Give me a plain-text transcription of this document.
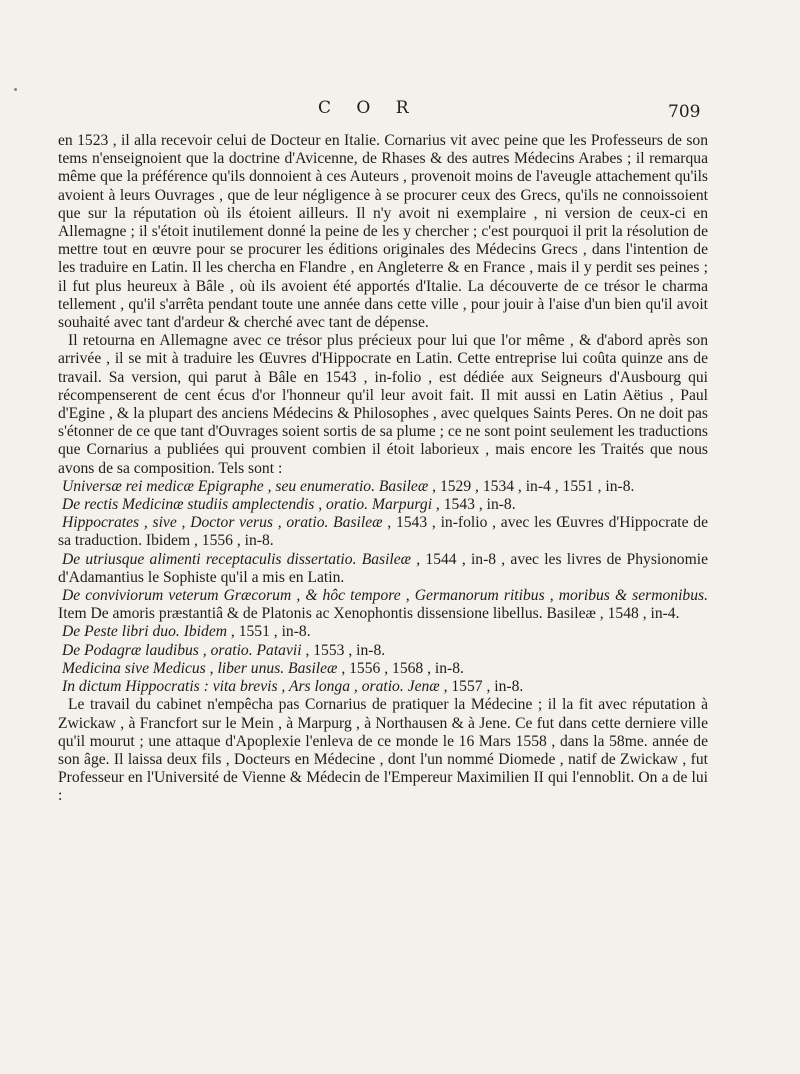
C O R	709

en 1523 , il alla recevoir celui de Docteur en Italie. Cornarius vit avec peine que les Professeurs de son tems n'enseignoient que la doctrine d'Avicenne, de Rhases & des autres Médecins Arabes ; il remarqua même que la préférence qu'ils donnoient à ces Auteurs , provenoit moins de l'aveugle attachement qu'ils avoient à leurs Ouvrages , que de leur négligence à se procurer ceux des Grecs, qu'ils ne connoissoient que sur la réputation où ils étoient ailleurs. Il n'y avoit ni exemplaire , ni version de ceux-ci en Allemagne ; il s'étoit inutilement donné la peine de les y chercher ; c'est pourquoi il prit la résolution de mettre tout en œuvre pour se procurer les éditions originales des Médecins Grecs , dans l'intention de les traduire en Latin. Il les chercha en Flandre , en Angleterre & en France , mais il y perdit ses peines ; il fut plus heureux à Bâle , où ils avoient été apportés d'Italie. La découverte de ce trésor le charma tellement , qu'il s'arrêta pendant toute une année dans cette ville , pour jouir à l'aise d'un bien qu'il avoit souhaité avec tant d'ardeur & cherché avec tant de dépense.

Il retourna en Allemagne avec ce trésor plus précieux pour lui que l'or même , & d'abord après son arrivée , il se mit à traduire les Œuvres d'Hippocrate en Latin. Cette entreprise lui coûta quinze ans de travail. Sa version, qui parut à Bâle en 1543 , in-folio , est dédiée aux Seigneurs d'Ausbourg qui récompenserent de cent écus d'or l'honneur qu'il leur avoit fait. Il mit aussi en Latin Aëtius , Paul d'Egine , & la plupart des anciens Médecins & Philosophes , avec quelques Saints Peres. On ne doit pas s'étonner de ce que tant d'Ouvrages soient sortis de sa plume ; ce ne sont point seulement les traductions que Cornarius a publiées qui prouvent combien il étoit laborieux , mais encore les Traités que nous avons de sa composition. Tels sont :

Universæ rei medicæ Epigraphe , seu enumeratio. Basileæ , 1529 , 1534 , in-4 , 1551 , in-8.

De rectis Medicinæ studiis amplectendis , oratio. Marpurgi , 1543 , in-8.

Hippocrates , sive , Doctor verus , oratio. Basileæ , 1543 , in-folio , avec les Œuvres d'Hippocrate de sa traduction. Ibidem , 1556 , in-8.

De utriusque alimenti receptaculis dissertatio. Basileæ , 1544 , in-8 , avec les livres de Physionomie d'Adamantius le Sophiste qu'il a mis en Latin.

De conviviorum veterum Græcorum , & hôc tempore , Germanorum ritibus , moribus & sermonibus. Item De amoris præstantiâ & de Platonis ac Xenophontis dissensione libellus. Basileæ , 1548 , in-4.

De Peste libri duo. Ibidem , 1551 , in-8.

De Podagræ laudibus , oratio. Patavii , 1553 , in-8.

Medicina sive Medicus , liber unus. Basileæ , 1556 , 1568 , in-8.

In dictum Hippocratis : vita brevis , Ars longa , oratio. Jenæ , 1557 , in-8.

Le travail du cabinet n'empêcha pas Cornarius de pratiquer la Médecine ; il la fit avec réputation à Zwickaw , à Francfort sur le Mein , à Marpurg , à Northausen & à Jene. Ce fut dans cette derniere ville qu'il mourut ; une attaque d'Apoplexie l'enleva de ce monde le 16 Mars 1558 , dans la 58me. année de son âge. Il laissa deux fils , Docteurs en Médecine , dont l'un nommé Diomede , natif de Zwickaw , fut Professeur en l'Université de Vienne & Médecin de l'Empereur Maximilien II qui l'ennoblit. On a de lui :
